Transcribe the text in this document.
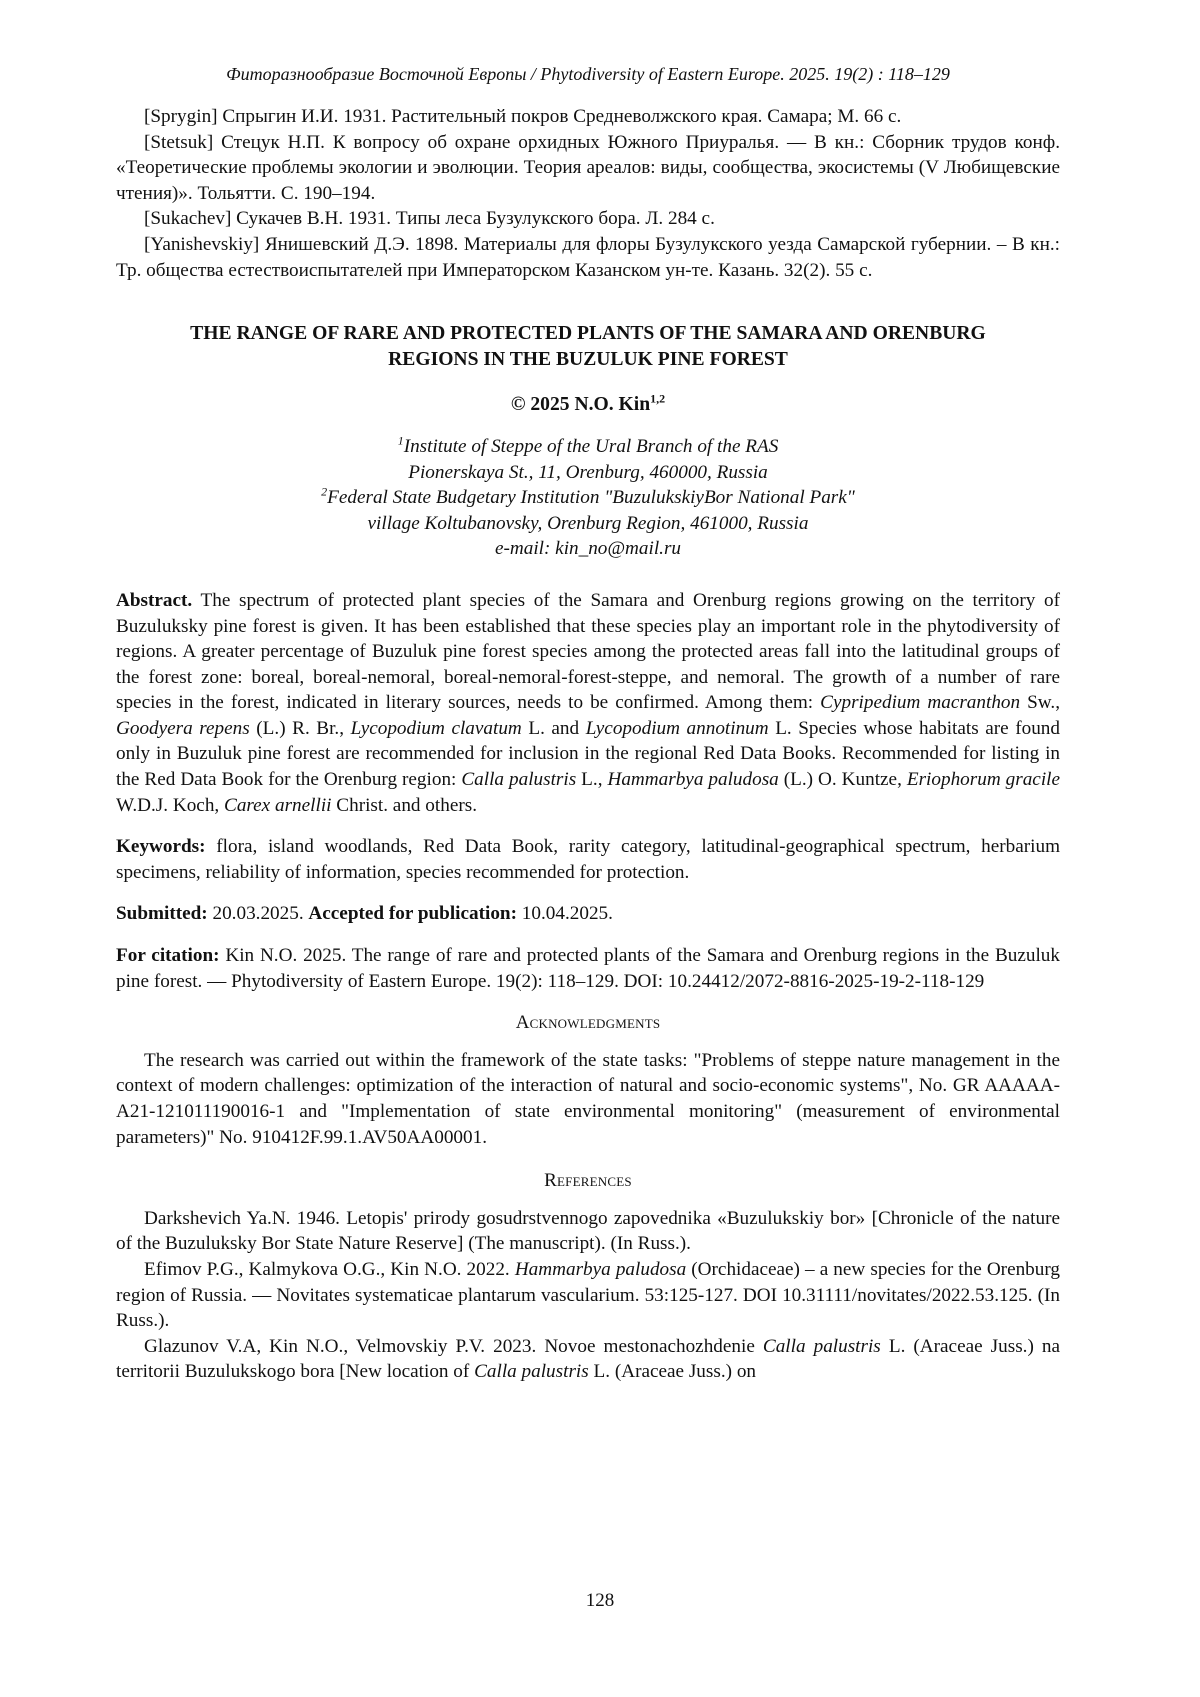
Фиторазнообразие Восточной Европы / Phytodiversity of Eastern Europe. 2025. 19(2) : 118–129

[Sprygin] Спрыгин И.И. 1931. Растительный покров Средневолжского края. Самара; М. 66 с.

[Stetsuk] Стецук Н.П. К вопросу об охране орхидных Южного Приуралья. — В кн.: Сборник трудов конф. «Теоретические проблемы экологии и эволюции. Теория ареалов: виды, сообщества, экосистемы (V Любищевские чтения)». Тольятти. С. 190–194.

[Sukachev] Сукачев В.Н. 1931. Типы леса Бузулукского бора. Л. 284 с.

[Yanishevskiy] Янишевский Д.Э. 1898. Материалы для флоры Бузулукского уезда Самарской губернии. – В кн.: Тр. общества естествоиспытателей при Императорском Казанском ун-те. Казань. 32(2). 55 с.

THE RANGE OF RARE AND PROTECTED PLANTS OF THE SAMARA AND ORENBURG
REGIONS IN THE BUZULUK PINE FOREST
© 2025 N.O. Kin1,2
1Institute of Steppe of the Ural Branch of the RAS
Pionerskaya St., 11, Orenburg, 460000, Russia
2Federal State Budgetary Institution "BuzulukskiyBor National Park"
village Koltubanovsky, Orenburg Region, 461000, Russia
e-mail: kin_no@mail.ru

Abstract. The spectrum of protected plant species of the Samara and Orenburg regions growing on the territory of Buzuluksky pine forest is given. It has been established that these species play an important role in the phytodiversity of regions. A greater percentage of Buzuluk pine forest species among the protected areas fall into the latitudinal groups of the forest zone: boreal, boreal-nemoral, boreal-nemoral-forest-steppe, and nemoral. The growth of a number of rare species in the forest, indicated in literary sources, needs to be confirmed. Among them: Cypripedium macranthon Sw., Goodyera repens (L.) R. Br., Lycopodium clavatum L. and Lycopodium annotinum L. Species whose habitats are found only in Buzuluk pine forest are recommended for inclusion in the regional Red Data Books. Recommended for listing in the Red Data Book for the Orenburg region: Calla palustris L., Hammarbya paludosa (L.) O. Kuntze, Eriophorum gracile W.D.J. Koch, Carex arnellii Christ. and others.

Keywords: flora, island woodlands, Red Data Book, rarity category, latitudinal-geographical spectrum, herbarium specimens, reliability of information, species recommended for protection.

Submitted: 20.03.2025. Accepted for publication: 10.04.2025.

For citation: Kin N.O. 2025. The range of rare and protected plants of the Samara and Orenburg regions in the Buzuluk pine forest. — Phytodiversity of Eastern Europe. 19(2): 118–129. DOI: 10.24412/2072-8816-2025-19-2-118-129

Acknowledgments

The research was carried out within the framework of the state tasks: "Problems of steppe nature management in the context of modern challenges: optimization of the interaction of natural and socio-economic systems", No. GR AAAAA-A21-121011190016-1 and "Implementation of state environmental monitoring" (measurement of environmental parameters)" No. 910412F.99.1.AV50AA00001.

References

Darkshevich Ya.N. 1946. Letopis' prirody gosudrstvennogo zapovednika «Buzulukskiy bor» [Chronicle of the nature of the Buzuluksky Bor State Nature Reserve] (The manuscript). (In Russ.).

Efimov P.G., Kalmykova O.G., Kin N.O. 2022. Hammarbya paludosa (Orchidaceae) – a new species for the Orenburg region of Russia. — Novitates systematicae plantarum vascularium. 53:125-127. DOI 10.31111/novitates/2022.53.125. (In Russ.).

Glazunov V.A, Kin N.O., Velmovskiy P.V. 2023. Novoe mestonachozhdenie Calla palustris L. (Araceae Juss.) na territorii Buzulukskogo bora [New location of Calla palustris L. (Araceae Juss.) on

128
